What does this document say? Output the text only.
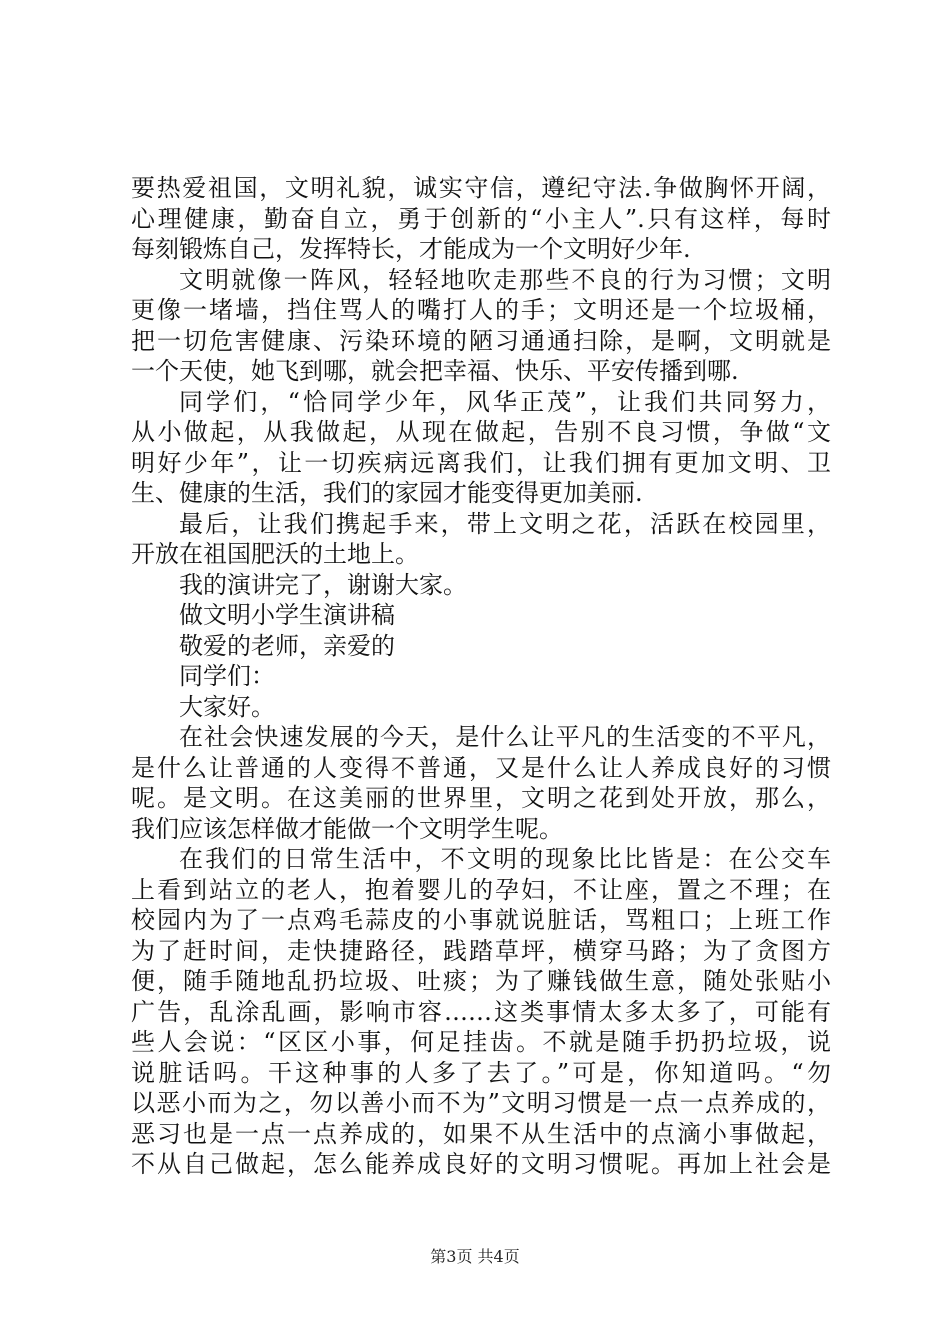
要热爱祖国，文明礼貌，诚实守信，遵纪守法.争做胸怀开阔，
心理健康，勤奋自立，勇于创新的“小主人”.只有这样，每时
每刻锻炼自己，发挥特长，才能成为一个文明好少年.
文明就像一阵风，轻轻地吹走那些不良的行为习惯；文明
更像一堵墙，挡住骂人的嘴打人的手；文明还是一个垃圾桶，
把一切危害健康、污染环境的陋习通通扫除，是啊，文明就是
一个天使，她飞到哪，就会把幸福、快乐、平安传播到哪.
同学们，“恰同学少年，风华正茂”，让我们共同努力，
从小做起，从我做起，从现在做起，告别不良习惯，争做“文
明好少年”，让一切疾病远离我们，让我们拥有更加文明、卫
生、健康的生活，我们的家园才能变得更加美丽.
最后，让我们携起手来，带上文明之花，活跃在校园里，
开放在祖国肥沃的土地上。
我的演讲完了，谢谢大家。
做文明小学生演讲稿
敬爱的老师，亲爱的
同学们：
大家好。
在社会快速发展的今天，是什么让平凡的生活变的不平凡，
是什么让普通的人变得不普通，又是什么让人养成良好的习惯
呢。是文明。在这美丽的世界里，文明之花到处开放，那么，
我们应该怎样做才能做一个文明学生呢。
在我们的日常生活中，不文明的现象比比皆是：在公交车
上看到站立的老人，抱着婴儿的孕妇，不让座，置之不理；在
校园内为了一点鸡毛蒜皮的小事就说脏话，骂粗口；上班工作
为了赶时间，走快捷路径，践踏草坪，横穿马路；为了贪图方
便，随手随地乱扔垃圾、吐痰；为了赚钱做生意，随处张贴小
广告，乱涂乱画，影响市容……这类事情太多太多了，可能有
些人会说：“区区小事，何足挂齿。不就是随手扔扔垃圾，说
说脏话吗。干这种事的人多了去了。”可是，你知道吗。“勿
以恶小而为之，勿以善小而不为”文明习惯是一点一点养成的，
恶习也是一点一点养成的，如果不从生活中的点滴小事做起，
不从自己做起，怎么能养成良好的文明习惯呢。再加上社会是
第3页 共4页
